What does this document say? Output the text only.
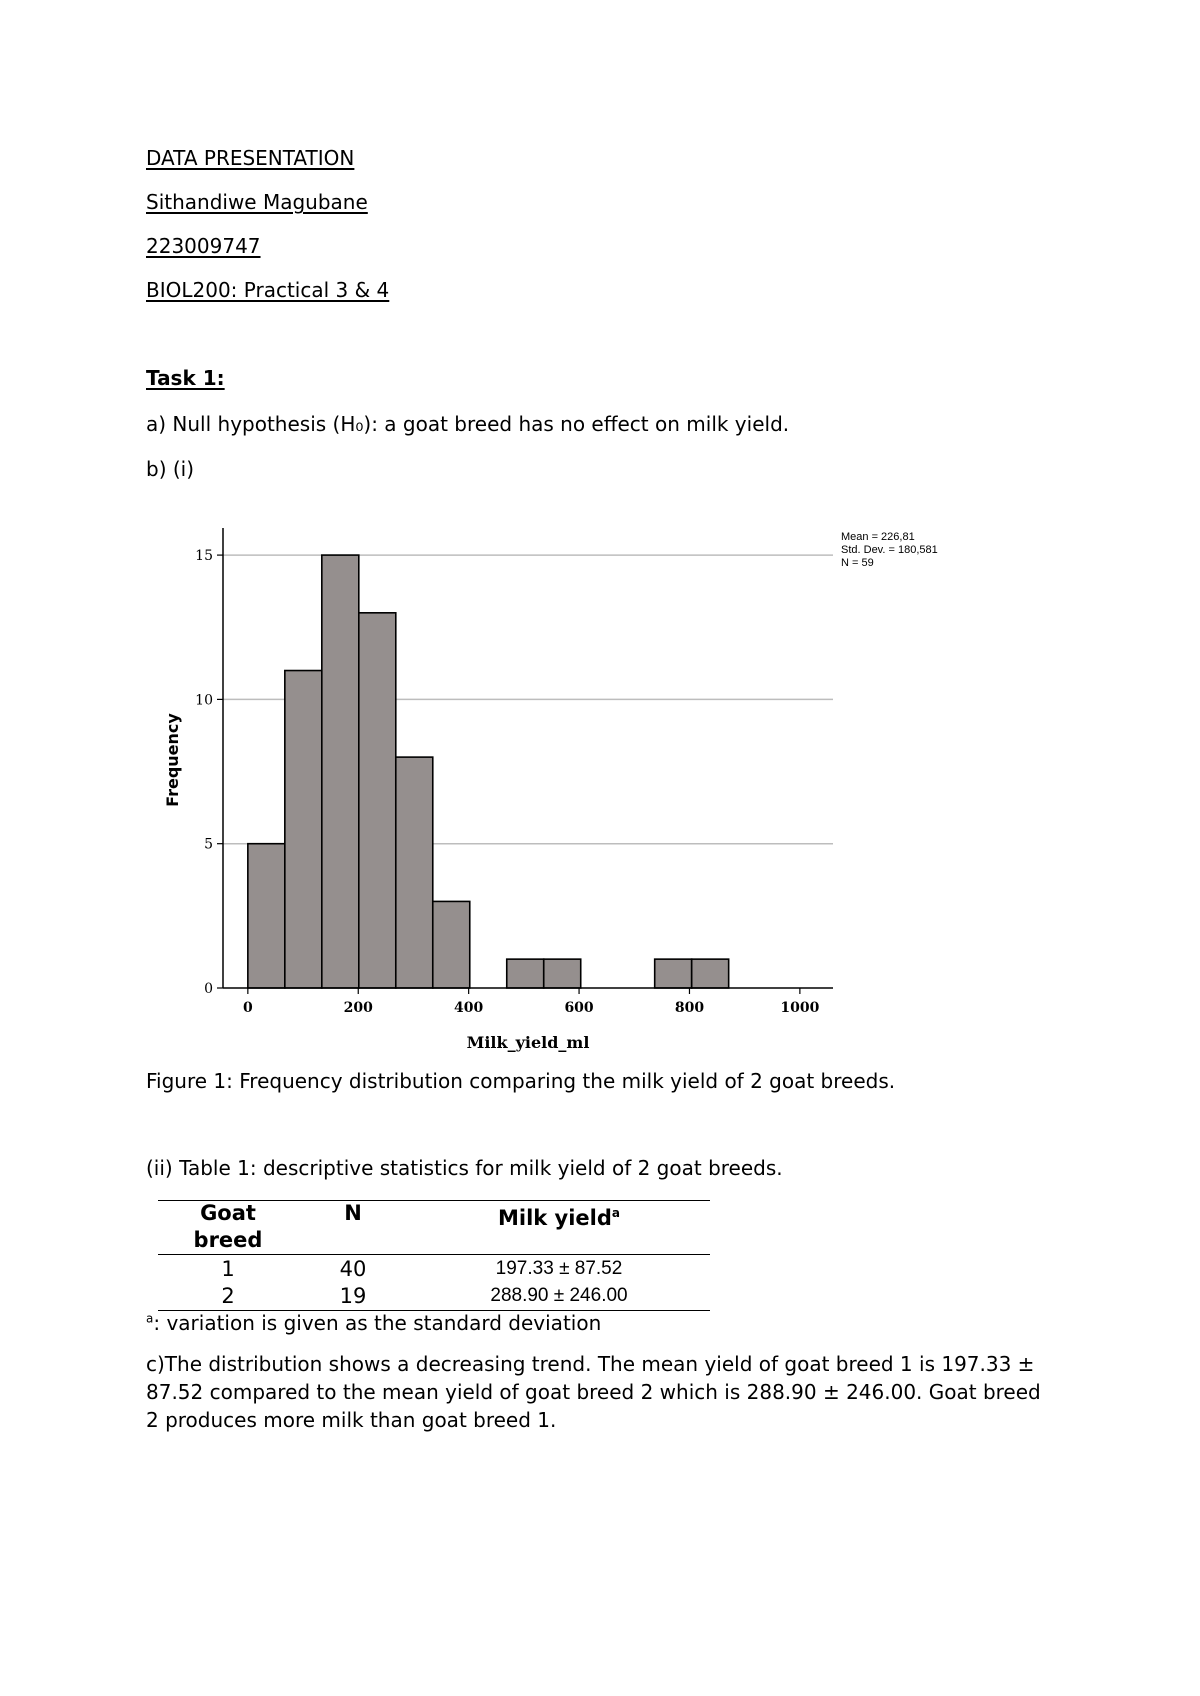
DATA PRESENTATION
Sithandiwe Magubane
223009747
BIOL200: Practical 3 & 4
Task 1:
a) Null hypothesis (H₀): a goat breed has no effect on milk yield.
b) (i)
0
5
10
15
0	200	400	600	800	1000
Milk_yield_ml
Frequency
Mean = 226,81
Std. Dev. = 180,581
N = 59
Figure 1: Frequency distribution comparing the milk yield of 2 goat breeds.
(ii) Table 1: descriptive statistics for milk yield of 2 goat breeds.
Goat
breed
N	Milk yield$^a$
1	40	197.33 ± 87.52
2	19	288.90 ± 246.00
$^a$: variation is given as the standard deviation
c)The distribution shows a decreasing trend. The mean yield of goat breed 1 is 197.33 ± 87.52 compared to the mean yield of goat breed 2 which is 288.90 ± 246.00. Goat breed 2 produces more milk than goat breed 1.
